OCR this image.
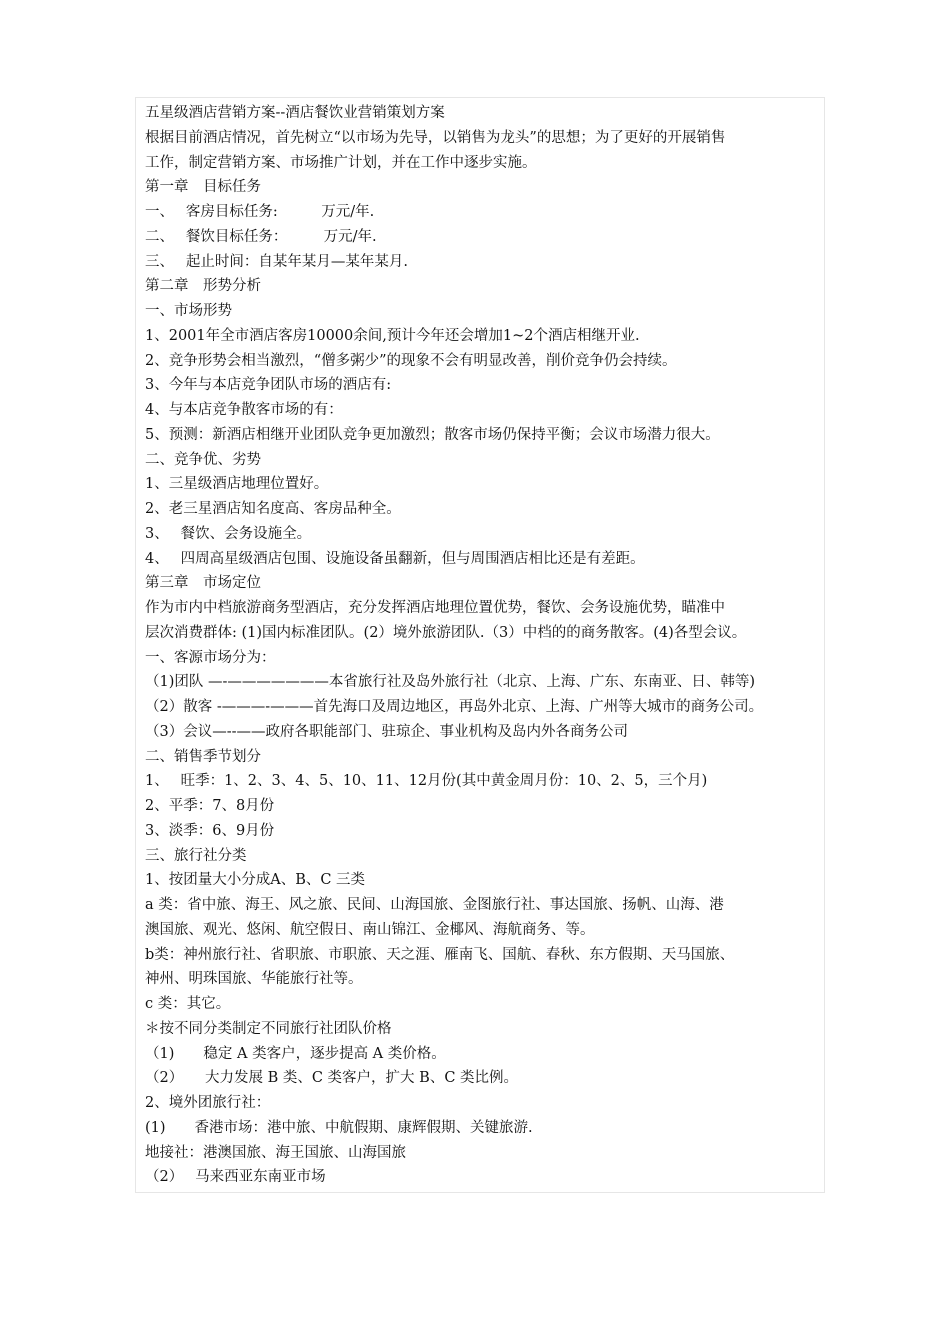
五星级酒店营销方案--酒店餐饮业营销策划方案
根据目前酒店情况，首先树立“以市场为先导，以销售为龙头”的思想；为了更好的开展销售
工作，制定营销方案、市场推广计划，并在工作中逐步实施。
第一章　目标任务
一、　 客房目标任务:　　　万元/年.
二、　 餐饮目标任务：　　　万元/年.
三、　 起止时间：自某年某月—某年某月.
第二章　形势分析
一、市场形势
1、2001年全市酒店客房10000余间,预计今年还会增加1~2个酒店相继开业.
2、竞争形势会相当激烈，“僧多粥少”的现象不会有明显改善，削价竞争仍会持续。
3、今年与本店竞争团队市场的酒店有:
4、与本店竞争散客市场的有：
5、预测：新酒店相继开业团队竞争更加激烈；散客市场仍保持平衡；会议市场潜力很大。
二、竞争优、劣势
1、三星级酒店地理位置好。
2、老三星酒店知名度高、客房品种全。
3、　 餐饮、会务设施全。
4、　 四周高星级酒店包围、设施设备虽翻新，但与周围酒店相比还是有差距。
第三章　市场定位
作为市内中档旅游商务型酒店，充分发挥酒店地理位置优势，餐饮、会务设施优势，瞄准中
层次消费群体: (1)国内标准团队。(2）境外旅游团队.（3）中档的的商务散客。(4)各型会议。
一、客源市场分为：
（1)团队 —-———————本省旅行社及岛外旅行社（北京、上海、广东、东南亚、日、韩等)
（2）散客 -———-———首先海口及周边地区，再岛外北京、上海、广州等大城市的商务公司。
（3）会议—--——政府各职能部门、驻琼企、事业机构及岛内外各商务公司
二、销售季节划分
1、　 旺季：1、2、3、4、5、10、11、12月份(其中黄金周月份：10、2、5，三个月)
2、平季：7、8月份
3、淡季：6、9月份
三、旅行社分类
1、按团量大小分成A、B、C 三类
a 类：省中旅、海王、风之旅、民间、山海国旅、金图旅行社、事达国旅、扬帆、山海、港
澳国旅、观光、悠闲、航空假日、南山锦江、金椰风、海航商务、等。
b类：神州旅行社、省职旅、市职旅、天之涯、雁南飞、国航、春秋、东方假期、天马国旅、
神州、明珠国旅、华能旅行社等。
c 类：其它。
＊按不同分类制定不同旅行社团队价格
（1)　　稳定 A 类客户，逐步提高 A 类价格。
（2）　　大力发展 B 类、C 类客户，扩大 B、C 类比例。
2、境外团旅行社：
(1)　　香港市场：港中旅、中航假期、康辉假期、关键旅游.
地接社：港澳国旅、海王国旅、山海国旅
（2）　 马来西亚东南亚市场
